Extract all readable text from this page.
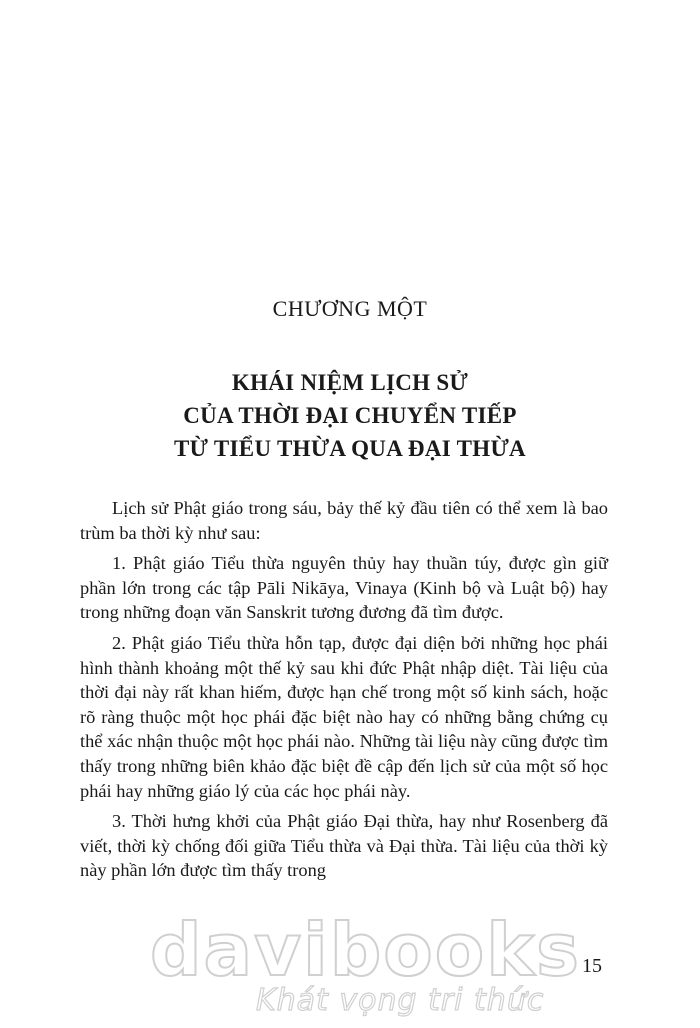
CHƯƠNG MỘT
KHÁI NIỆM LỊCH SỬ
CỦA THỜI ĐẠI CHUYỂN TIẾP
TỪ TIỂU THỪA QUA ĐẠI THỪA

Lịch sử Phật giáo trong sáu, bảy thế kỷ đầu tiên có thể xem là bao trùm ba thời kỳ như sau:

1. Phật giáo Tiểu thừa nguyên thủy hay thuần túy, được gìn giữ phần lớn trong các tập Pāli Nikāya, Vinaya (Kinh bộ và Luật bộ) hay trong những đoạn văn Sanskrit tương đương đã tìm được.

2. Phật giáo Tiểu thừa hỗn tạp, được đại diện bởi những học phái hình thành khoảng một thế kỷ sau khi đức Phật nhập diệt. Tài liệu của thời đại này rất khan hiếm, được hạn chế trong một số kinh sách, hoặc rõ ràng thuộc một học phái đặc biệt nào hay có những bằng chứng cụ thể xác nhận thuộc một học phái nào. Những tài liệu này cũng được tìm thấy trong những biên khảo đặc biệt đề cập đến lịch sử của một số học phái hay những giáo lý của các học phái này.

3. Thời hưng khởi của Phật giáo Đại thừa, hay như Rosenberg đã viết, thời kỳ chống đối giữa Tiểu thừa và Đại thừa. Tài liệu của thời kỳ này phần lớn được tìm thấy trong

15
davibooks
Khát vọng tri thức
